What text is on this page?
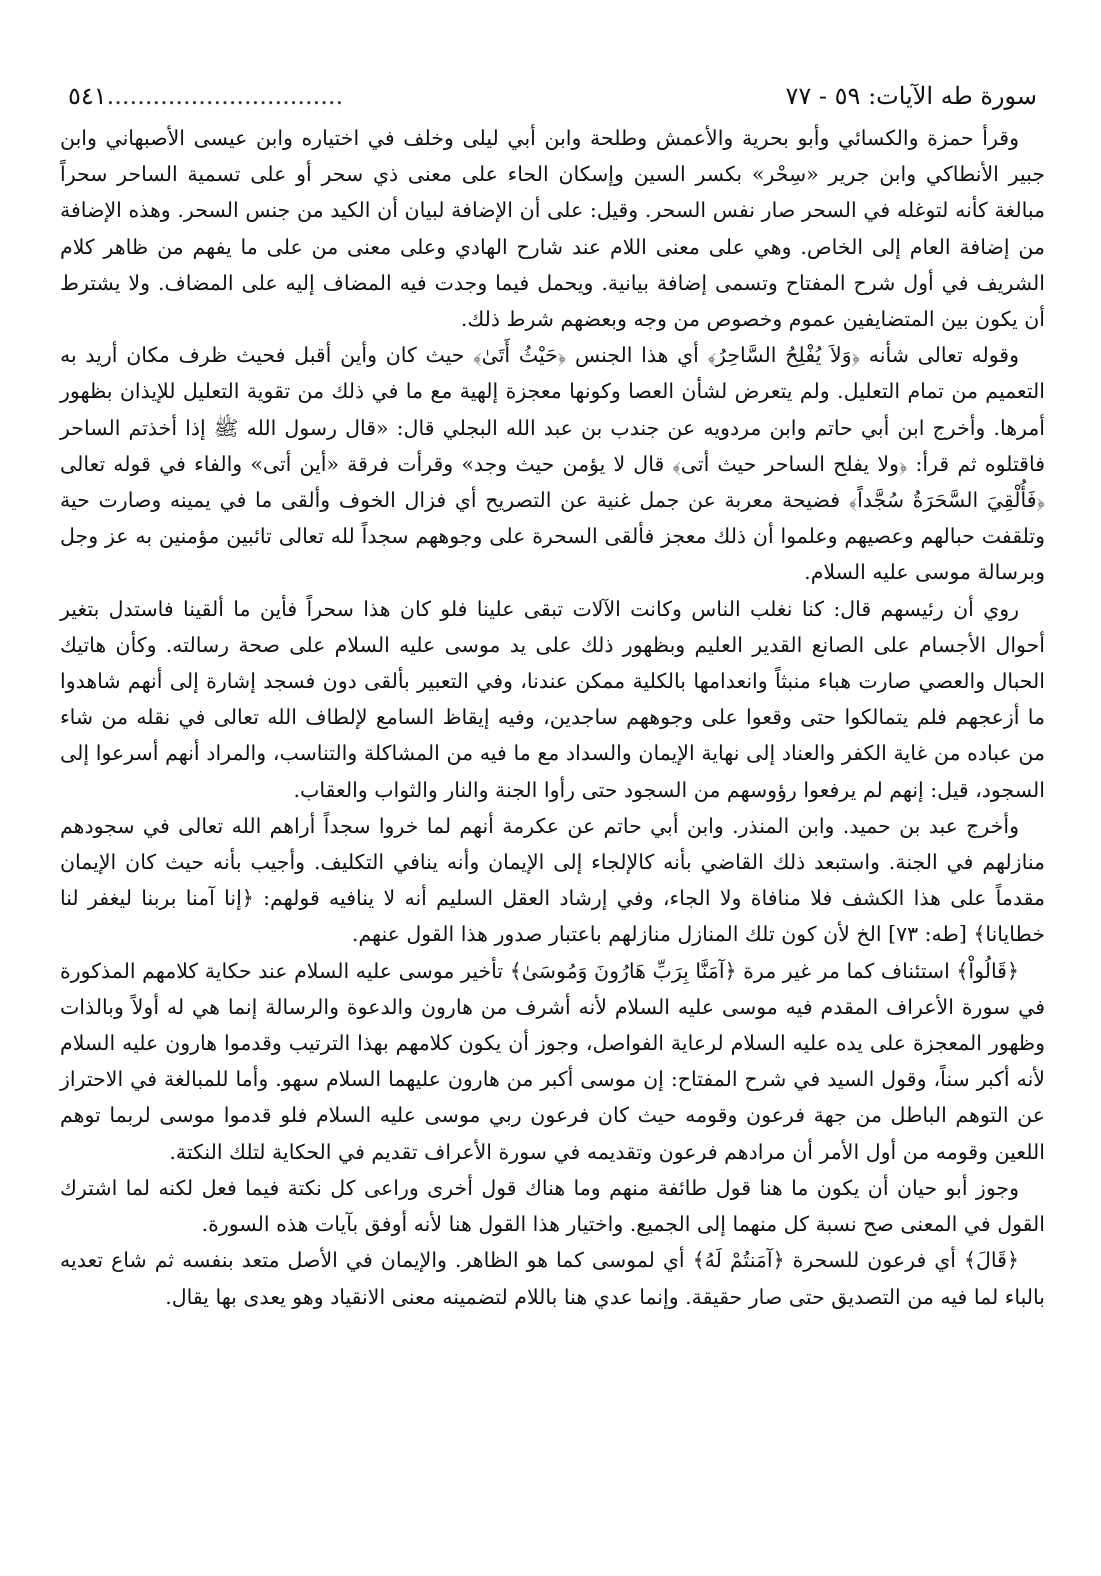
سورة طه الآيات: ٥٩ - ٧٧
٥٤١...............................

وقرأ حمزة والكسائي وأبو بحرية والأعمش وطلحة وابن أبي ليلى وخلف في اختياره وابن عيسى الأصبهاني وابن جبير الأنطاكي وابن جرير «سِحْر» بكسر السين وإسكان الحاء على معنى ذي سحر أو على تسمية الساحر سحراً مبالغة كأنه لتوغله في السحر صار نفس السحر. وقيل: على أن الإضافة لبيان أن الكيد من جنس السحر. وهذه الإضافة من إضافة العام إلى الخاص. وهي على معنى اللام عند شارح الهادي وعلى معنى من على ما يفهم من ظاهر كلام الشريف في أول شرح المفتاح وتسمى إضافة بيانية. ويحمل فيما وجدت فيه المضاف إليه على المضاف. ولا يشترط أن يكون بين المتضايفين عموم وخصوص من وجه وبعضهم شرط ذلك.

وقوله تعالى شأنه ﴿وَلاَ يُفْلِحُ السَّاحِرُ﴾ أي هذا الجنس ﴿حَيْثُ أَتَىٰ﴾ حيث كان وأين أقبل فحيث ظرف مكان أريد به التعميم من تمام التعليل. ولم يتعرض لشأن العصا وكونها معجزة إلهية مع ما في ذلك من تقوية التعليل للإيذان بظهور أمرها. وأخرج ابن أبي حاتم وابن مردويه عن جندب بن عبد الله البجلي قال: «قال رسول الله ﷺ إذا أخذتم الساحر فاقتلوه ثم قرأ: ﴿ولا يفلح الساحر حيث أتى﴾ قال لا يؤمن حيث وجد» وقرأت فرقة «أين أتى» والفاء في قوله تعالى ﴿فَأُلْقِيَ السَّحَرَةُ سُجَّداً﴾ فضيحة معربة عن جمل غنية عن التصريح أي فزال الخوف وألقى ما في يمينه وصارت حية وتلقفت حبالهم وعصيهم وعلموا أن ذلك معجز فألقى السحرة على وجوههم سجداً لله تعالى تائبين مؤمنين به عز وجل وبرسالة موسى عليه السلام.

روي أن رئيسهم قال: كنا نغلب الناس وكانت الآلات تبقى علينا فلو كان هذا سحراً فأين ما ألقينا فاستدل بتغير أحوال الأجسام على الصانع القدير العليم وبظهور ذلك على يد موسى عليه السلام على صحة رسالته. وكأن هاتيك الحبال والعصي صارت هباء منبثاً وانعدامها بالكلية ممكن عندنا، وفي التعبير بألقى دون فسجد إشارة إلى أنهم شاهدوا ما أزعجهم فلم يتمالكوا حتى وقعوا على وجوههم ساجدين، وفيه إيقاظ السامع لإلطاف الله تعالى في نقله من شاء من عباده من غاية الكفر والعناد إلى نهاية الإيمان والسداد مع ما فيه من المشاكلة والتناسب، والمراد أنهم أسرعوا إلى السجود، قيل: إنهم لم يرفعوا رؤوسهم من السجود حتى رأوا الجنة والنار والثواب والعقاب.

وأخرج عبد بن حميد. وابن المنذر. وابن أبي حاتم عن عكرمة أنهم لما خروا سجداً أراهم الله تعالى في سجودهم منازلهم في الجنة. واستبعد ذلك القاضي بأنه كالإلجاء إلى الإيمان وأنه ينافي التكليف. وأجيب بأنه حيث كان الإيمان مقدماً على هذا الكشف فلا منافاة ولا الجاء، وفي إرشاد العقل السليم أنه لا ينافيه قولهم: ﴿إنا آمنا بربنا ليغفر لنا خطايانا﴾ [طه: ٧٣] الخ لأن كون تلك المنازل منازلهم باعتبار صدور هذا القول عنهم.

﴿قَالُواْ﴾ استئناف كما مر غير مرة ﴿آمَنَّا بِرَبِّ هَارُونَ وَمُوسَىٰ﴾ تأخير موسى عليه السلام عند حكاية كلامهم المذكورة في سورة الأعراف المقدم فيه موسى عليه السلام لأنه أشرف من هارون والدعوة والرسالة إنما هي له أولاً وبالذات وظهور المعجزة على يده عليه السلام لرعاية الفواصل، وجوز أن يكون كلامهم بهذا الترتيب وقدموا هارون عليه السلام لأنه أكبر سناً، وقول السيد في شرح المفتاح: إن موسى أكبر من هارون عليهما السلام سهو. وأما للمبالغة في الاحتراز عن التوهم الباطل من جهة فرعون وقومه حيث كان فرعون ربي موسى عليه السلام فلو قدموا موسى لربما توهم اللعين وقومه من أول الأمر أن مرادهم فرعون وتقديمه في سورة الأعراف تقديم في الحكاية لتلك النكتة.

وجوز أبو حيان أن يكون ما هنا قول طائفة منهم وما هناك قول أخرى وراعى كل نكتة فيما فعل لكنه لما اشترك القول في المعنى صح نسبة كل منهما إلى الجميع. واختيار هذا القول هنا لأنه أوفق بآيات هذه السورة.

﴿قَالَ﴾ أي فرعون للسحرة ﴿آمَنتُمْ لَهُ﴾ أي لموسى كما هو الظاهر. والإيمان في الأصل متعد بنفسه ثم شاع تعديه بالباء لما فيه من التصديق حتى صار حقيقة. وإنما عدي هنا باللام لتضمينه معنى الانقياد وهو يعدى بها يقال.
